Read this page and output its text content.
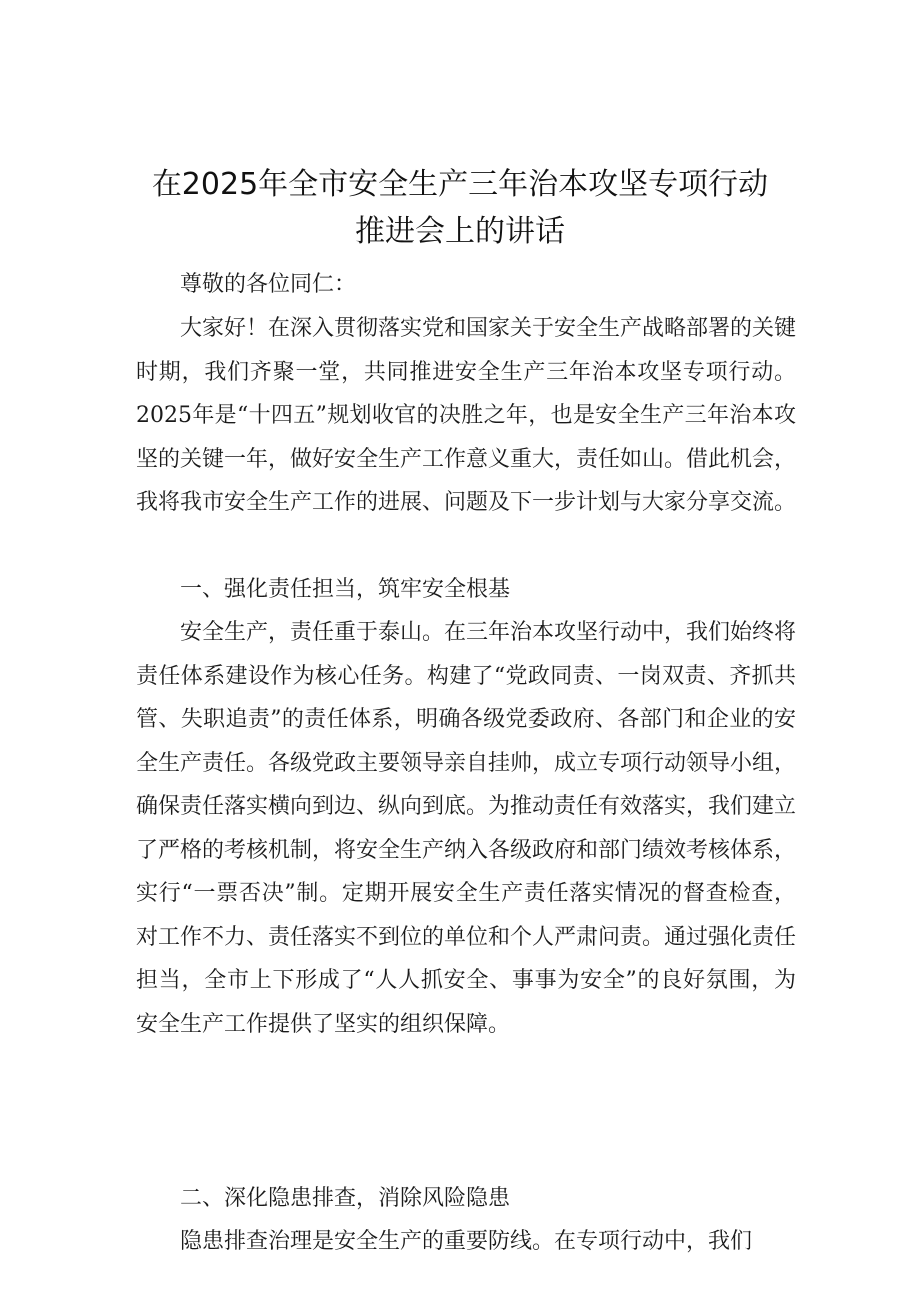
在2025年全市安全生产三年治本攻坚专项行动
推进会上的讲话
尊敬的各位同仁：
大家好！在深入贯彻落实党和国家关于安全生产战略部署的关键时期，我们齐聚一堂，共同推进安全生产三年治本攻坚专项行动。2025年是“十四五”规划收官的决胜之年，也是安全生产三年治本攻坚的关键一年，做好安全生产工作意义重大，责任如山。借此机会，我将我市安全生产工作的进展、问题及下一步计划与大家分享交流。
一、强化责任担当，筑牢安全根基
安全生产，责任重于泰山。在三年治本攻坚行动中，我们始终将责任体系建设作为核心任务。构建了“党政同责、一岗双责、齐抓共管、失职追责”的责任体系，明确各级党委政府、各部门和企业的安全生产责任。各级党政主要领导亲自挂帅，成立专项行动领导小组，确保责任落实横向到边、纵向到底。为推动责任有效落实，我们建立了严格的考核机制，将安全生产纳入各级政府和部门绩效考核体系，实行“一票否决”制。定期开展安全生产责任落实情况的督查检查，对工作不力、责任落实不到位的单位和个人严肃问责。通过强化责任担当，全市上下形成了“人人抓安全、事事为安全”的良好氛围，为安全生产工作提供了坚实的组织保障。
二、深化隐患排查，消除风险隐患
隐患排查治理是安全生产的重要防线。在专项行动中，我们
